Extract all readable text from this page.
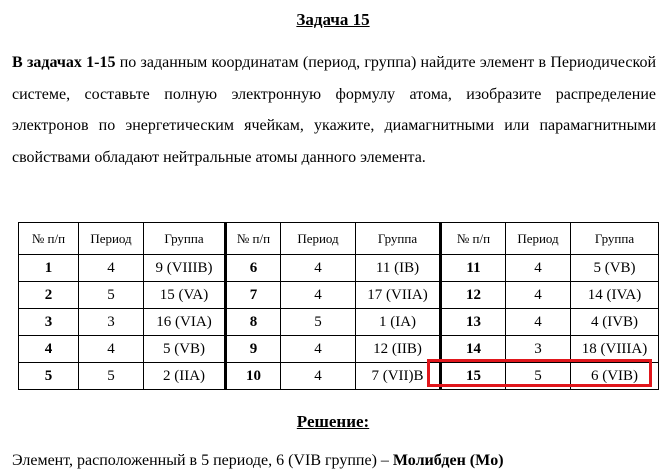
Задача 15
В задачах 1-15 по заданным координатам (период, группа) найдите элемент в Периодической системе, составьте полную электронную формулу атома, изобразите распределение электронов по энергетическим ячейкам, укажите, диамагнитными или парамагнитными свойствами обладают нейтральные атомы данного элемента.
№ п/п	Период	Группа	№ п/п	Период	Группа	№ п/п	Период	Группа
1	4	9 (VIIIB)	6	4	11 (IB)	11	4	5 (VB)
2	5	15 (VA)	7	4	17 (VIIA)	12	4	14 (IVA)
3	3	16 (VIA)	8	5	1 (IA)	13	4	4 (IVB)
4	4	5 (VB)	9	4	12 (IIB)	14	3	18 (VIIIA)
5	5	2 (IIA)	10	4	7 (VII)B	15	5	6 (VIB)
Решение:
Элемент, расположенный в 5 периоде, 6 (VIB группе) – Молибден (Mo)
